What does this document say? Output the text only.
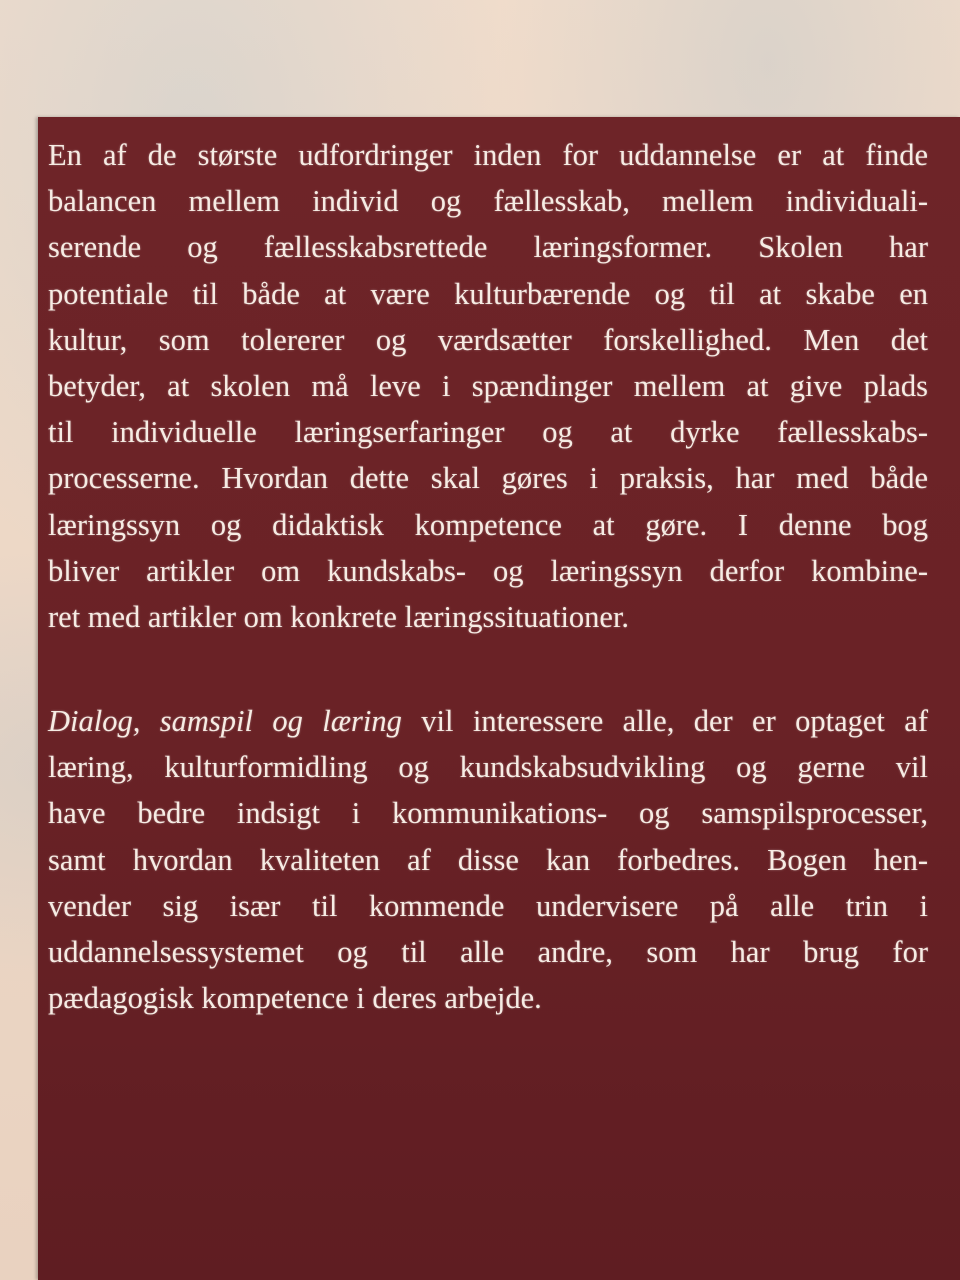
En af de største udfordringer inden for uddannelse er at finde
balancen mellem individ og fællesskab, mellem individuali-
serende og fællesskabsrettede læringsformer. Skolen har
potentiale til både at være kulturbærende og til at skabe en
kultur, som tolererer og værdsætter forskellighed. Men det
betyder, at skolen må leve i spændinger mellem at give plads
til individuelle læringserfaringer og at dyrke fællesskabs-
processerne. Hvordan dette skal gøres i praksis, har med både
læringssyn og didaktisk kompetence at gøre. I denne bog
bliver artikler om kundskabs- og læringssyn derfor kombine-
ret med artikler om konkrete læringssituationer.
Dialog, samspil og læring vil interessere alle, der er optaget af
læring, kulturformidling og kundskabsudvikling og gerne vil
have bedre indsigt i kommunikations- og samspilsprocesser,
samt hvordan kvaliteten af disse kan forbedres. Bogen hen-
vender sig især til kommende undervisere på alle trin i
uddannelsessystemet og til alle andre, som har brug for
pædagogisk kompetence i deres arbejde.
